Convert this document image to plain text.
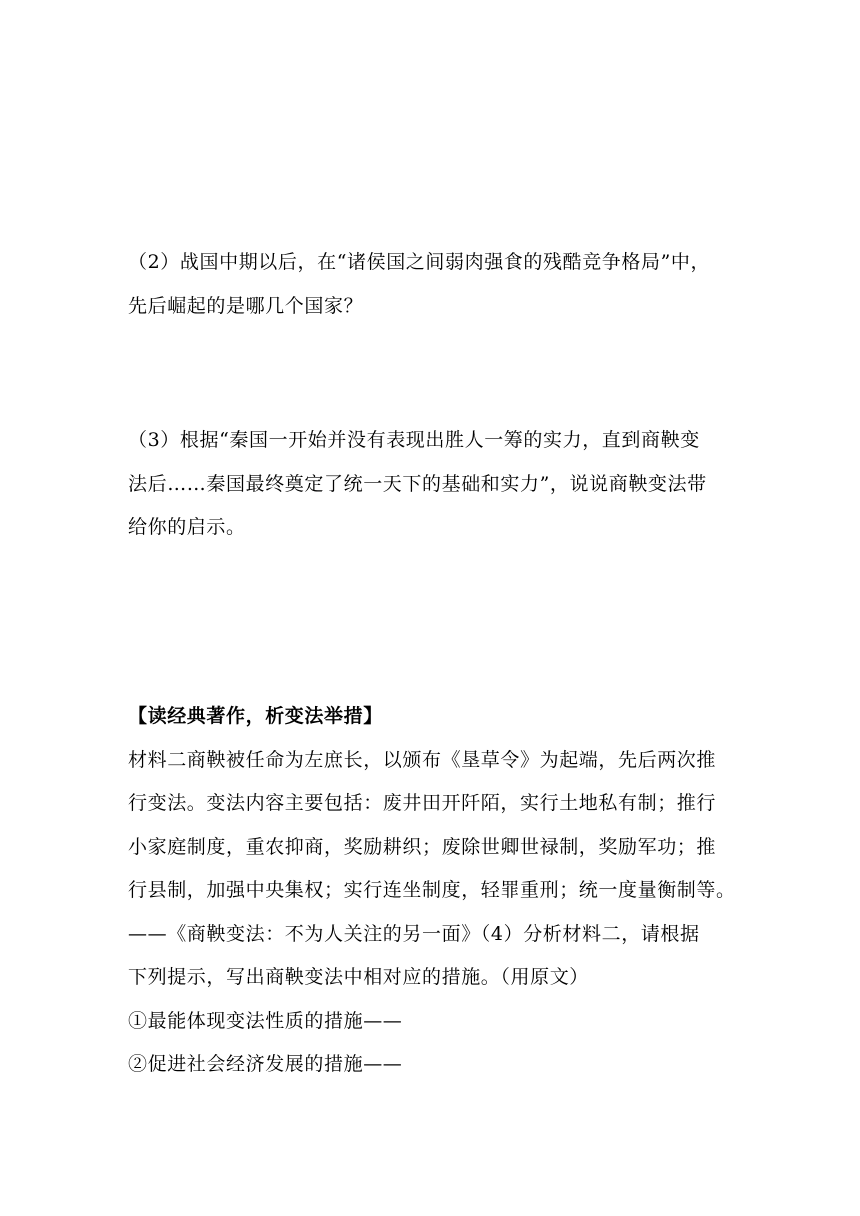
（2）战国中期以后，在“诸侯国之间弱肉强食的残酷竞争格局”中，
先后崛起的是哪几个国家？
（3）根据“秦国一开始并没有表现出胜人一筹的实力，直到商鞅变
法后……秦国最终奠定了统一天下的基础和实力”，说说商鞅变法带
给你的启示。
【读经典著作，析变法举措】
材料二商鞅被任命为左庶长，以颁布《垦草令》为起端，先后两次推
行变法。变法内容主要包括：废井田开阡陌，实行土地私有制；推行
小家庭制度，重农抑商，奖励耕织；废除世卿世禄制，奖励军功；推
行县制，加强中央集权；实行连坐制度，轻罪重刑；统一度量衡制等。
——《商鞅变法：不为人关注的另一面》（4）分析材料二，请根据
下列提示，写出商鞅变法中相对应的措施。（用原文）
①最能体现变法性质的措施——
②促进社会经济发展的措施——
